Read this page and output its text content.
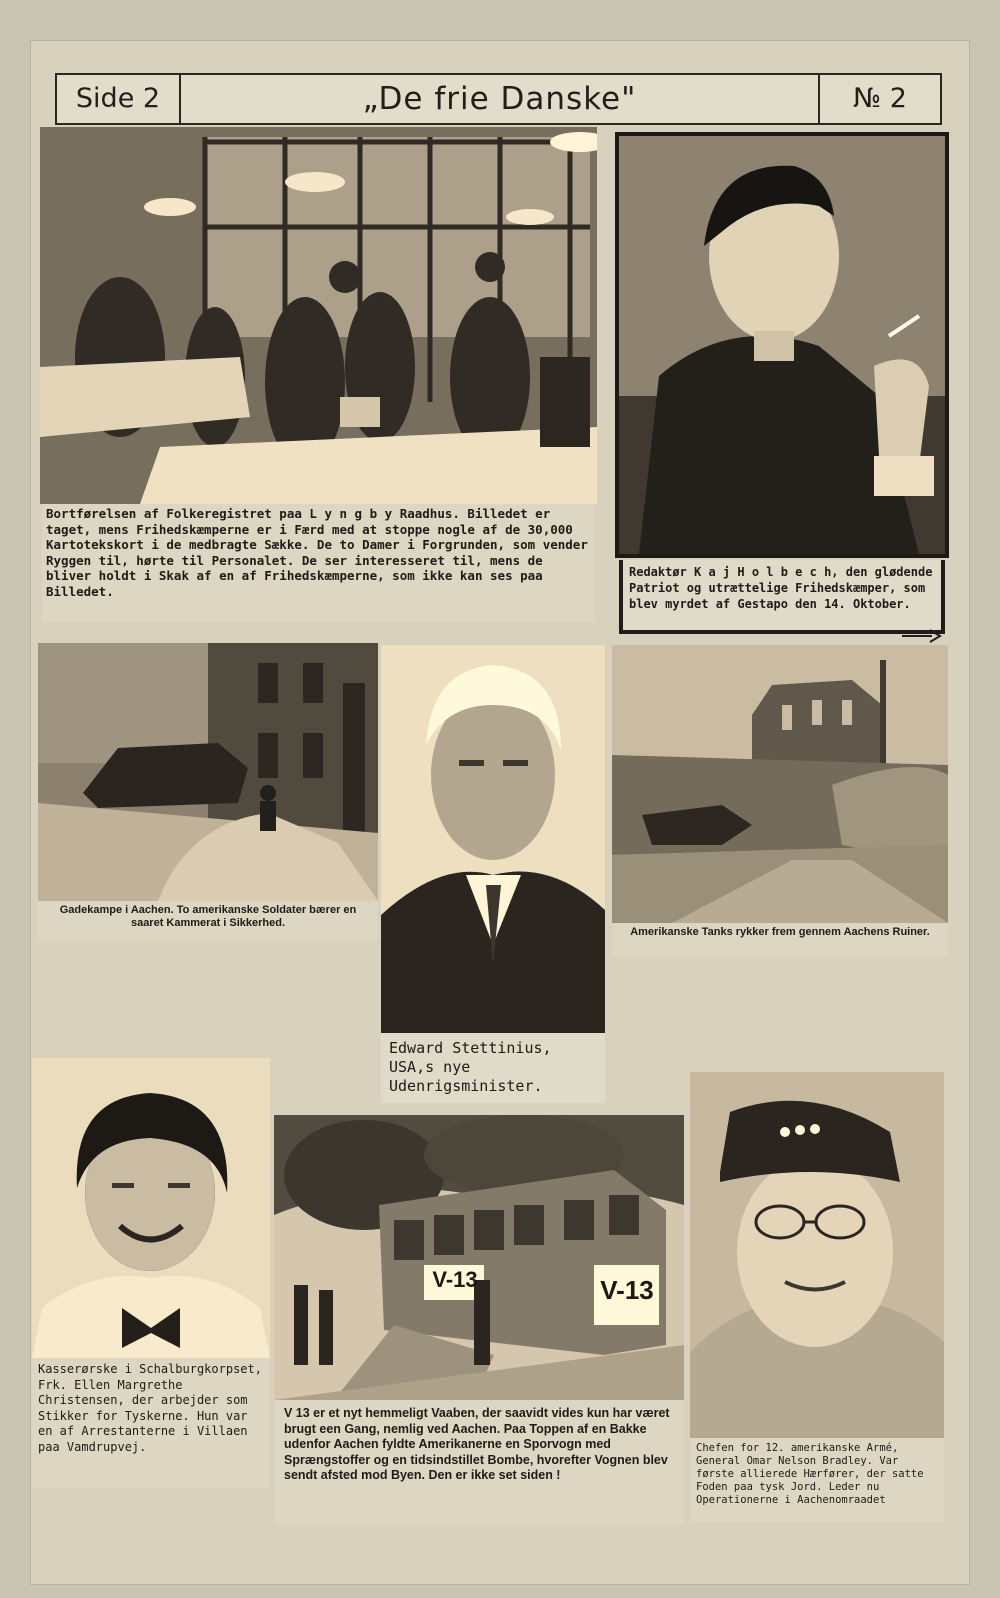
Side 2	„De frie Danske"	№ 2
Bortførelsen af Folkeregistret paa L y n g b y Raadhus. Billedet er taget, mens Frihedskæmperne er i Færd med at stoppe nogle af de 30,000 Kartotekskort i de medbragte Sække. De to Damer i Forgrunden, som vender Ryggen til, hørte til Personalet. De ser interesseret til, mens de bliver holdt i Skak af en af Frihedskæmperne, som ikke kan ses paa Billedet.
Redaktør K a j H o l b e c h, den glødende Patriot og utrættelige Frihedskæmper, som blev myrdet af Gestapo den 14. Oktober.
Gadekampe i Aachen. To amerikanske Soldater bærer en saaret Kammerat i Sikkerhed.
Edward Stettinius, USA,s nye Udenrigsminister.
Amerikanske Tanks rykker frem gennem Aachens Ruiner.
Kasserørske i Schalburgkorpset, Frk. Ellen Margrethe Christensen, der arbejder som Stikker for Tyskerne. Hun var en af Arrestanterne i Villaen paa Vamdrupvej.
V-13	V-13
V 13 er et nyt hemmeligt Vaaben, der saavidt vides kun har været brugt een Gang, nemlig ved Aachen. Paa Toppen af en Bakke udenfor Aachen fyldte Amerikanerne en Sporvogn med Sprængstoffer og en tidsindstillet Bombe, hvorefter Vognen blev sendt afsted mod Byen. Den er ikke set siden !
Chefen for 12. amerikanske Armé, General Omar Nelson Bradley. Var første allierede Hærfører, der satte Foden paa tysk Jord. Leder nu Operationerne i Aachenomraadet
